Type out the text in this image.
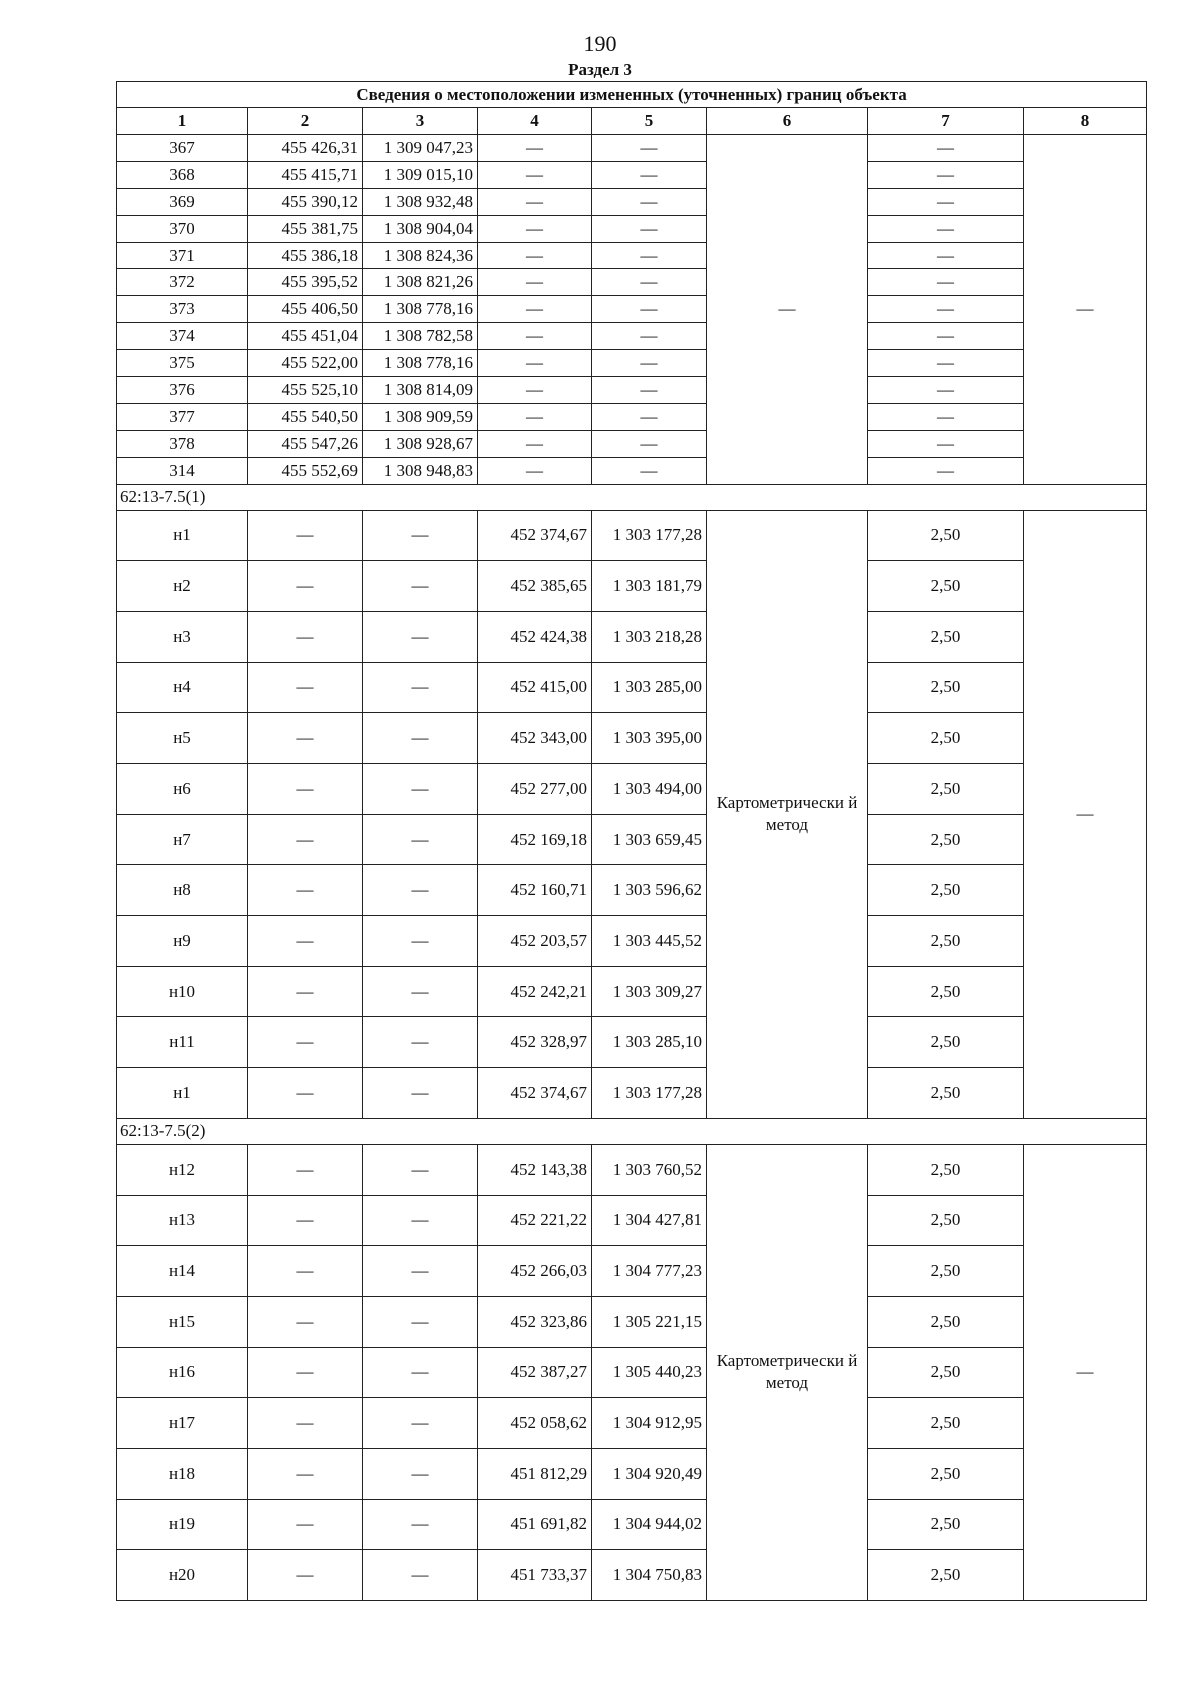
190
Раздел 3
Сведения о местоположении измененных (уточненных) границ объекта							
1	2	3	4	5	6	7	8
367	455 426,31	1 309 047,23	—	—	—	—	—
368	455 415,71	1 309 015,10	—	—		—	
369	455 390,12	1 308 932,48	—	—		—	
370	455 381,75	1 308 904,04	—	—		—	
371	455 386,18	1 308 824,36	—	—		—	
372	455 395,52	1 308 821,26	—	—		—	
373	455 406,50	1 308 778,16	—	—		—	
374	455 451,04	1 308 782,58	—	—		—	
375	455 522,00	1 308 778,16	—	—		—	
376	455 525,10	1 308 814,09	—	—		—	
377	455 540,50	1 308 909,59	—	—		—	
378	455 547,26	1 308 928,67	—	—		—	
314	455 552,69	1 308 948,83	—	—		—	
62:13-7.5(1)							
н1	—	—	452 374,67	1 303 177,28	Картометрически й метод	2,50	—
н2	—	—	452 385,65	1 303 181,79		2,50	
н3	—	—	452 424,38	1 303 218,28		2,50	
н4	—	—	452 415,00	1 303 285,00		2,50	
н5	—	—	452 343,00	1 303 395,00		2,50	
н6	—	—	452 277,00	1 303 494,00		2,50	
н7	—	—	452 169,18	1 303 659,45		2,50	
н8	—	—	452 160,71	1 303 596,62		2,50	
н9	—	—	452 203,57	1 303 445,52		2,50	
н10	—	—	452 242,21	1 303 309,27		2,50	
н11	—	—	452 328,97	1 303 285,10		2,50	
н1	—	—	452 374,67	1 303 177,28		2,50	
62:13-7.5(2)							
н12	—	—	452 143,38	1 303 760,52	Картометрически й метод	2,50	—
н13	—	—	452 221,22	1 304 427,81		2,50	
н14	—	—	452 266,03	1 304 777,23		2,50	
н15	—	—	452 323,86	1 305 221,15		2,50	
н16	—	—	452 387,27	1 305 440,23		2,50	
н17	—	—	452 058,62	1 304 912,95		2,50	
н18	—	—	451 812,29	1 304 920,49		2,50	
н19	—	—	451 691,82	1 304 944,02		2,50	
н20	—	—	451 733,37	1 304 750,83		2,50	
